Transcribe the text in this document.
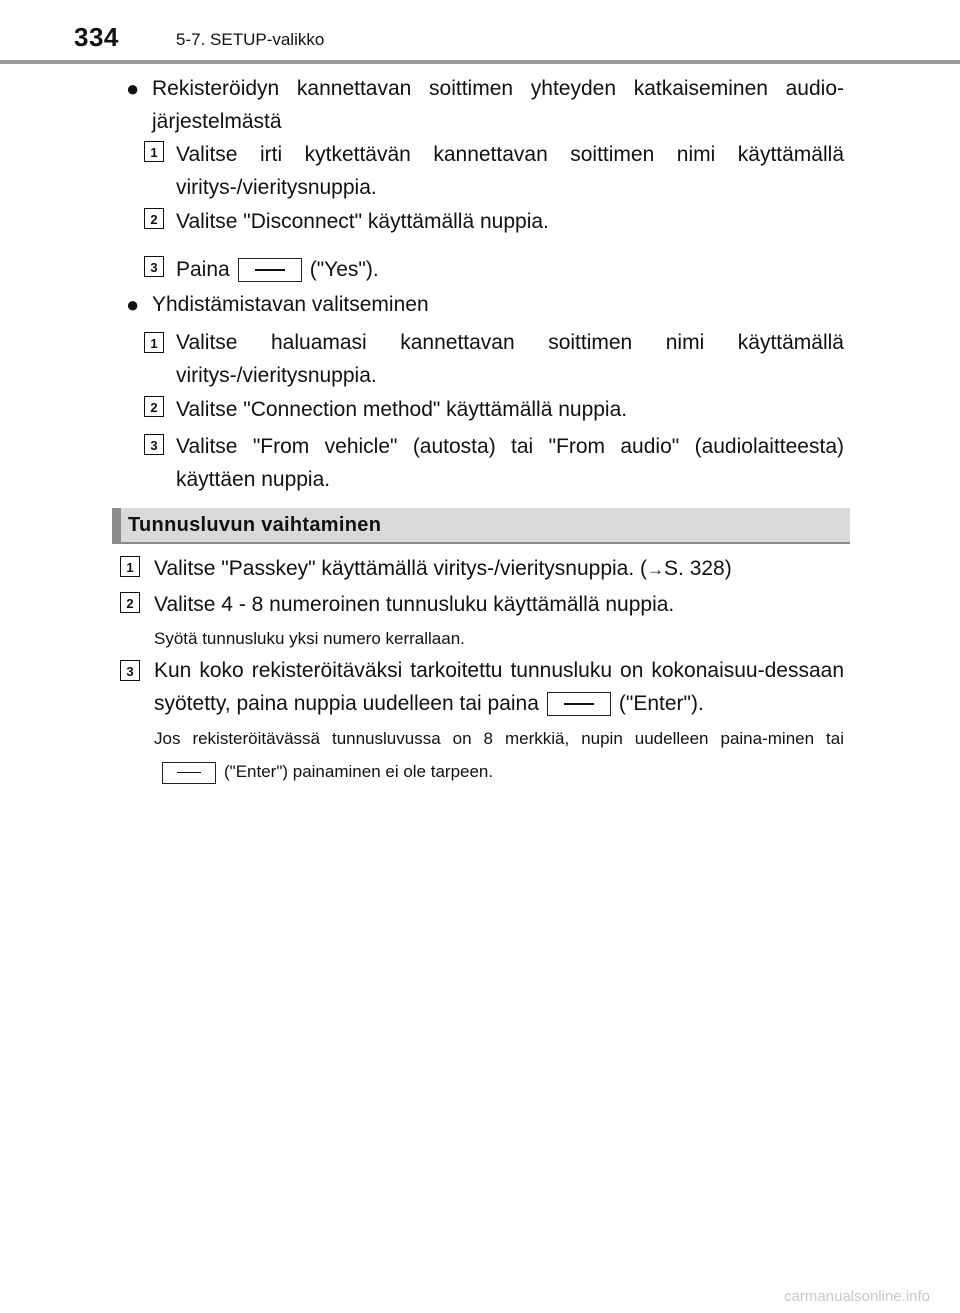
334	5-7. SETUP-valikko
● Rekisteröidyn kannettavan soittimen yhteyden katkaiseminen audio-järjestelmästä
1 Valitse irti kytkettävän kannettavan soittimen nimi käyttämällä viritys-/vieritysnuppia.
2 Valitse "Disconnect" käyttämällä nuppia.
3 Paina	("Yes").
● Yhdistämistavan valitseminen
1 Valitse haluamasi kannettavan soittimen nimi käyttämällä viritys-/vieritysnuppia.
2 Valitse "Connection method" käyttämällä nuppia.
3 Valitse "From vehicle" (autosta) tai "From audio" (audiolaitteesta) käyttäen nuppia.
Tunnusluvun vaihtaminen
1 Valitse "Passkey" käyttämällä viritys-/vieritysnuppia. (→S. 328)
2 Valitse 4 - 8 numeroinen tunnusluku käyttämällä nuppia.
Syötä tunnusluku yksi numero kerrallaan.
3 Kun koko rekisteröitäväksi tarkoitettu tunnusluku on kokonaisuu-dessaan syötetty, paina nuppia uudelleen tai paina	("Enter").
Jos rekisteröitävässä tunnusluvussa on 8 merkkiä, nupin uudelleen paina-minen tai("Enter") painaminen ei ole tarpeen.
carmanualsonline.info
